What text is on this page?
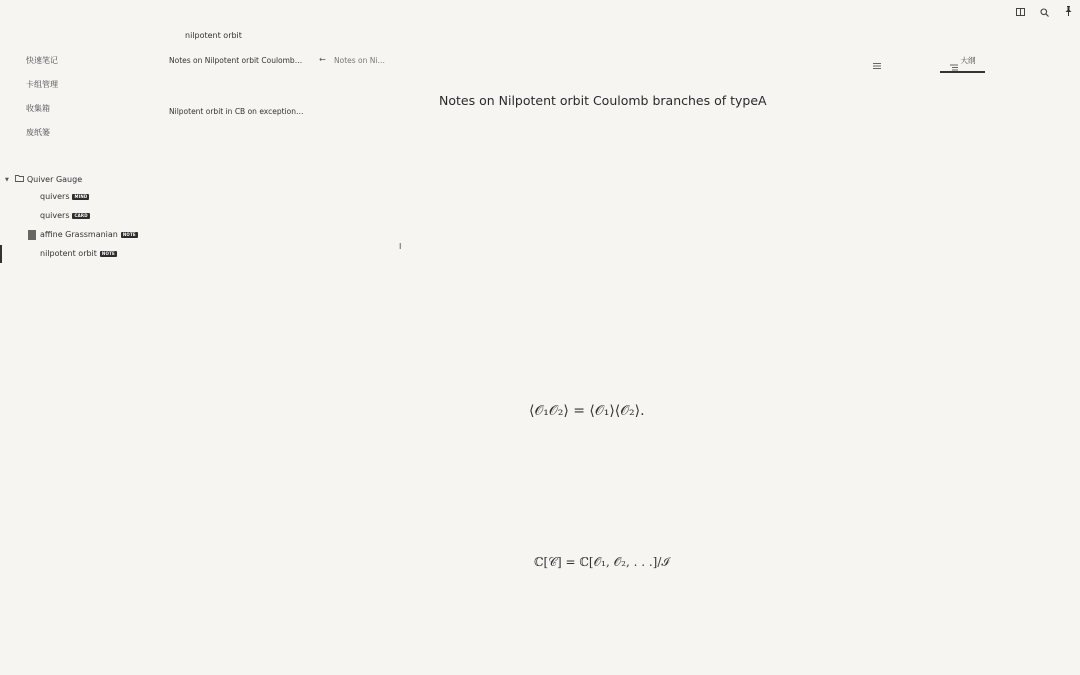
nilpotent orbit
快速笔记
卡组管理
收集箱
废纸篓
▼ Quiver Gauge
quivers	MIND
quivers	CARD
affine Grassmanian	NOTE
nilpotent orbit	NOTE
Notes on Nilpotent orbit Coulomb…
Nilpotent orbit in CB on exception…
← Notes on Ni…	大纲
Notes on Nilpotent orbit Coulomb branches of typeA
I
⟨𝒪₁𝒪₂⟩ = ⟨𝒪₁⟩⟨𝒪₂⟩.
ℂ[𝒞] = ℂ[𝒪₁, 𝒪₂, . . .]/ℐ
